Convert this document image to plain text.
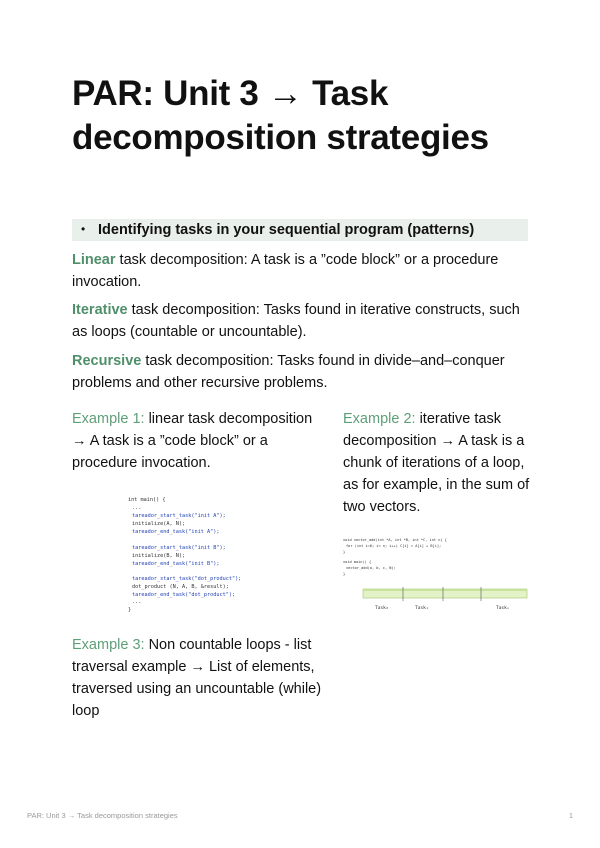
PAR: Unit 3 → Task decomposition strategies
• Identifying tasks in your sequential program (patterns)

Linear task decomposition: A task is a ”code block” or a procedure invocation.

Iterative task decomposition: Tasks found in iterative constructs, such as loops (countable or uncountable).

Recursive task decomposition: Tasks found in divide–and–conquer problems and other recursive problems.

Example 1: linear task decomposition → A task is a ”code block” or a procedure invocation.

Example 2: iterative task decomposition → A task is a chunk of iterations of a loop, as for example, in the sum of two vectors.

Example 3: Non countable loops - list traversal example → List of elements, traversed using an uncountable (while) loop

int main() {
...
tareador_start_task("init A");
initialize(A, N);
tareador_end_task("init A");
tareador_start_task("init B");
initialize(B, N);
tareador_end_task("init B");
tareador_start_task("dot_product");
dot_product (N, A, B, &result);
tareador_end_task("dot_product");
...
}
void vector_add(int *A, int *B, int *C, int n) {
for (int i=0; i< n; i++) C[i] = A[i] + B[i];
}
void main() {
vector_add(a, b, c, N);
}
Task₀	Task₁	Taskₙ
PAR: Unit 3 → Task decomposition strategies	1
